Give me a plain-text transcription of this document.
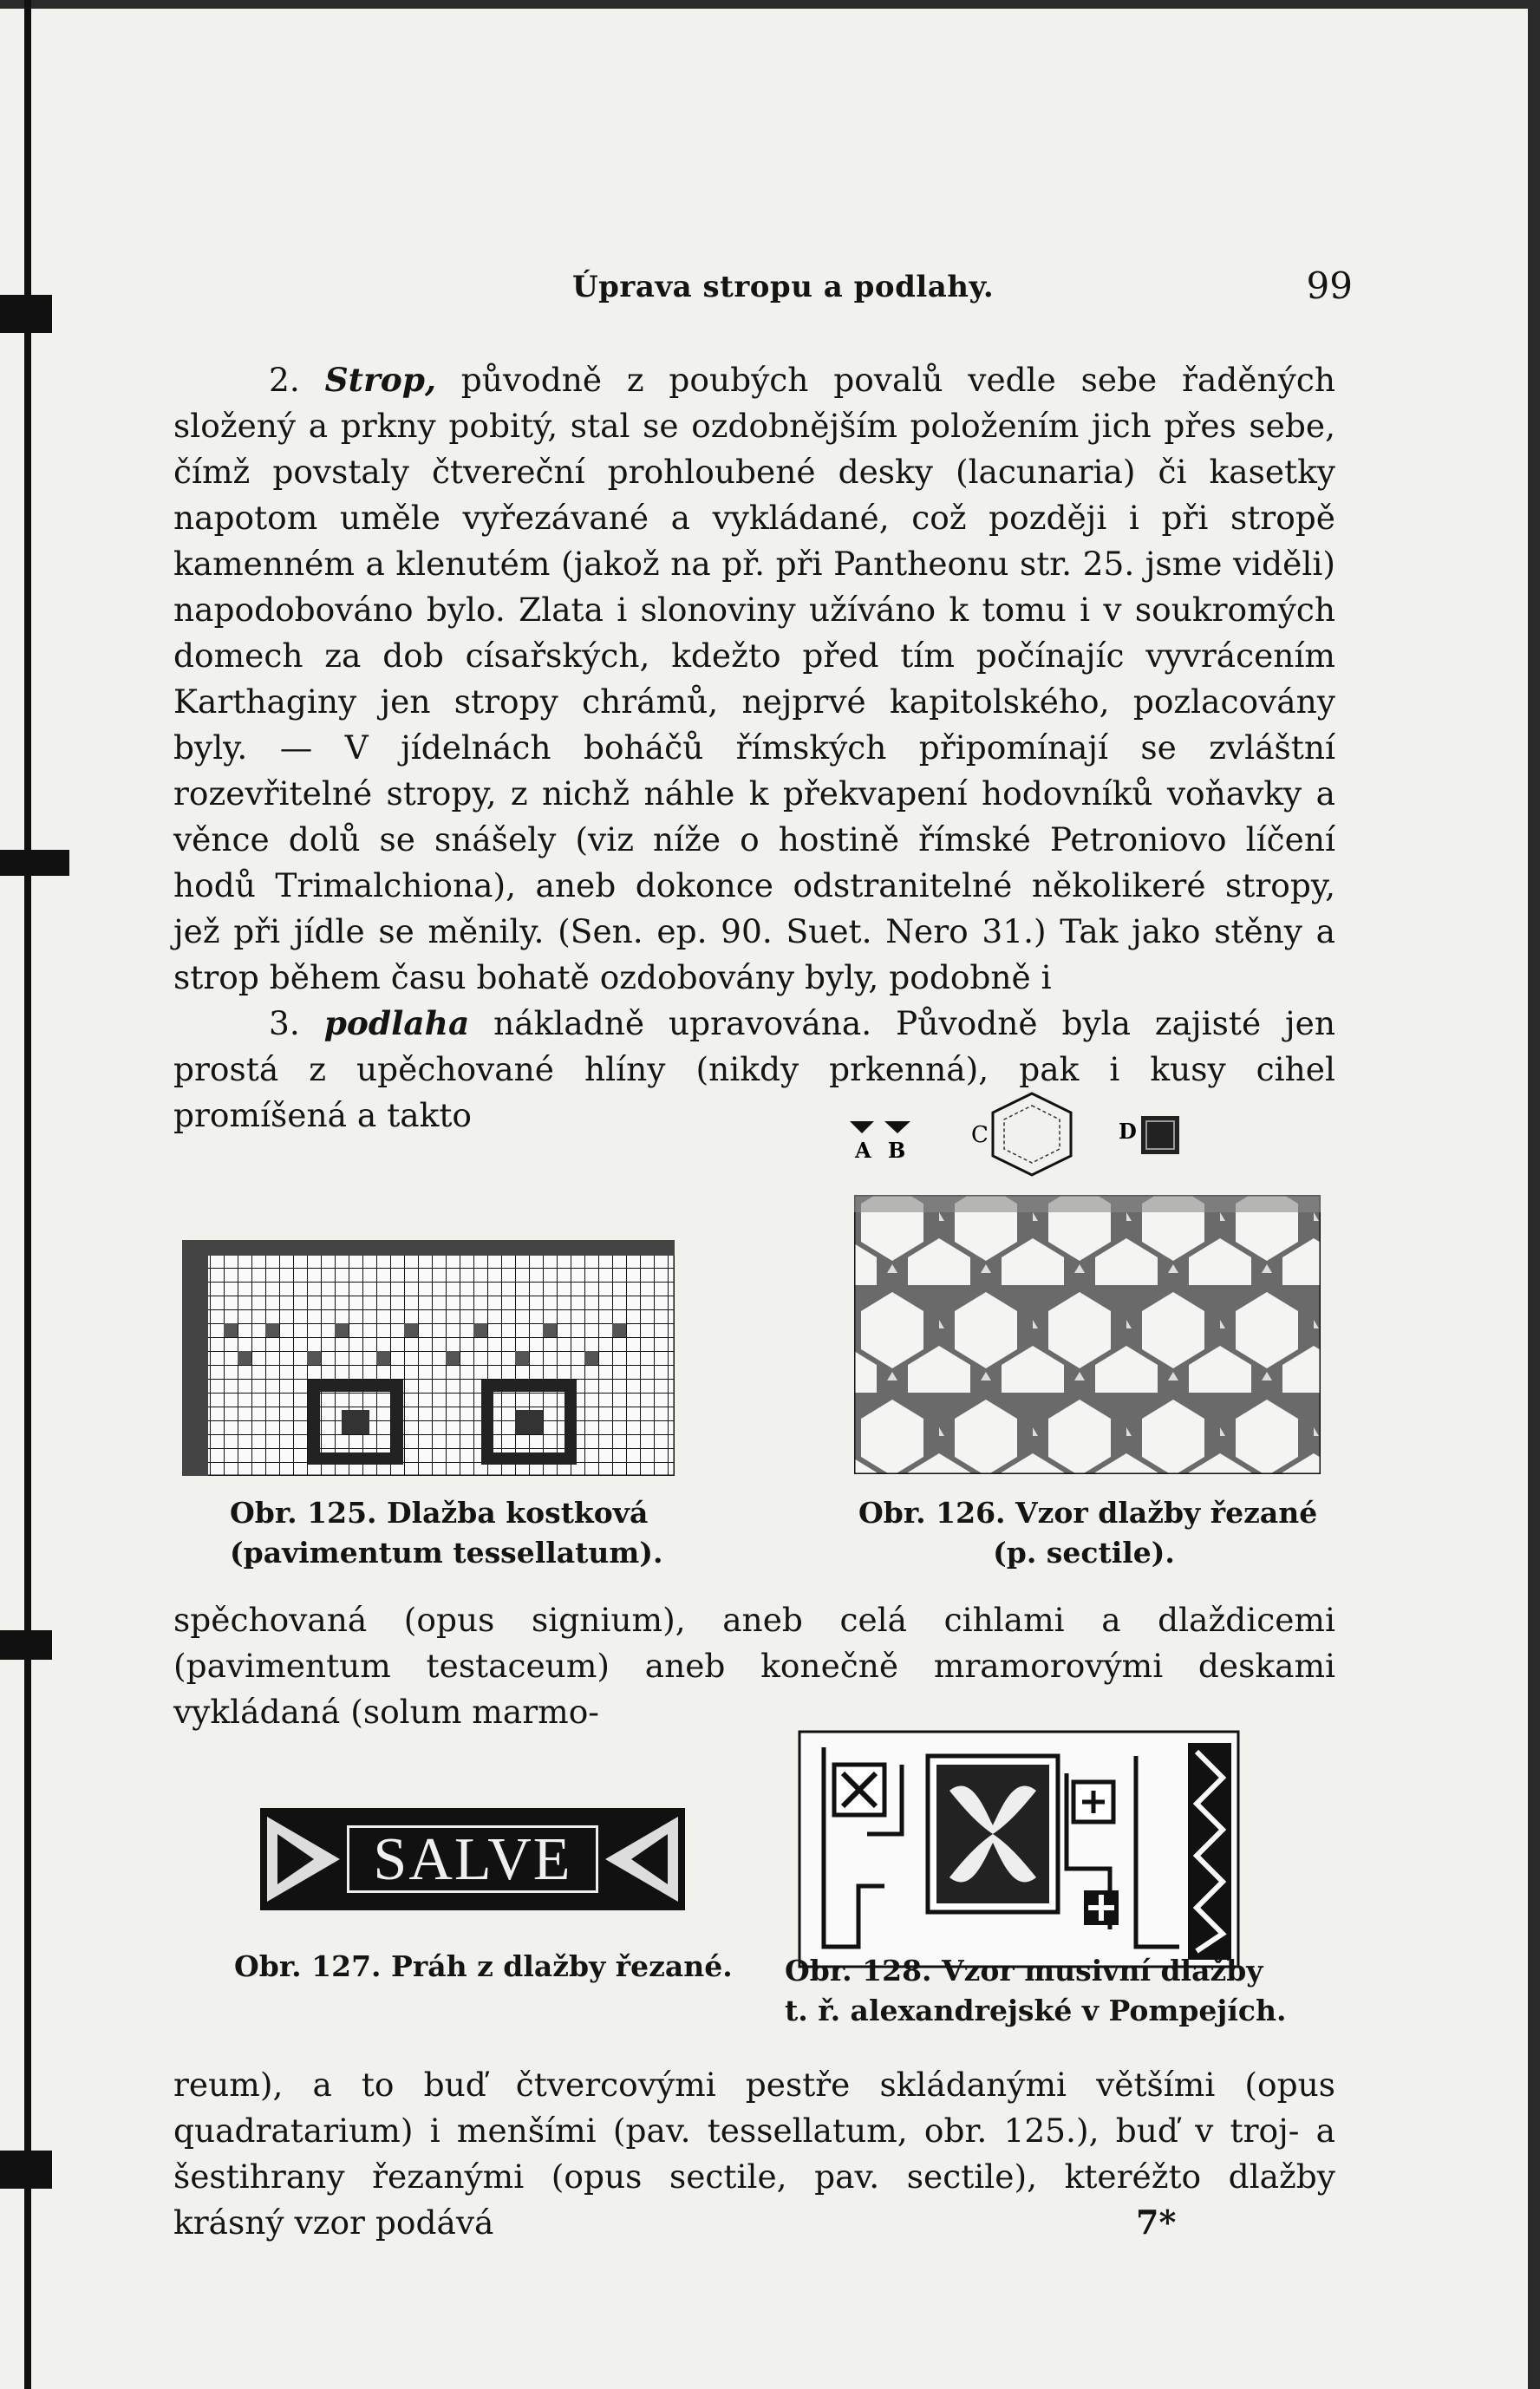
Úprava stropu a podlahy.	99

2. Strop, původně z poubých povalů vedle sebe řaděných složený a prkny pobitý, stal se ozdobnějším položením jich přes sebe, čímž povstaly čtvereční prohloubené desky (lacunaria) či kasetky napotom uměle vyřezávané a vykládané, což později i při stropě kamenném a klenutém (jakož na př. při Pantheonu str. 25. jsme viděli) napodobováno bylo. Zlata i slonoviny užíváno k tomu i v soukromých domech za dob císařských, kdežto před tím počínajíc vyvrácením Karthaginy jen stropy chrámů, nejprvé kapitolského, pozlacovány byly. — V jídelnách boháčů římských připomínají se zvláštní rozevřitelné stropy, z nichž náhle k překvapení hodovníků voňavky a věnce dolů se snášely (viz níže o hostině římské Petroniovo líčení hodů Trimalchiona), aneb dokonce odstranitelné několikeré stropy, jež při jídle se měnily. (Sen. ep. 90. Suet. Nero 31.) Tak jako stěny a strop během času bohatě ozdobovány byly, podobně i

3. podlaha nákladně upravována. Původně byla zajisté jen prostá z upěchované hlíny (nikdy prkenná), pak i kusy cihel promíšená a takto

A B
C	D
Obr. 125. Dlažba kostková
(pavimentum tessellatum).
Obr. 126. Vzor dlažby řezané
(p. sectile).

spěchovaná (opus signium), aneb celá cihlami a dlaždicemi (pavimentum testaceum) aneb konečně mramorovými deskami vykládaná (solum marmo-

SALVE
Obr. 127. Práh z dlažby řezané. Obr. 128. Vzor musivní dlažby
t. ř. alexandrejské v Pompejích.

reum), a to buď čtvercovými pestře skládanými většími (opus quadratarium) i menšími (pav. tessellatum, obr. 125.), buď v troj- a šestihrany řezanými (opus sectile, pav. sectile), kteréžto dlažby krásný vzor podává	7*
